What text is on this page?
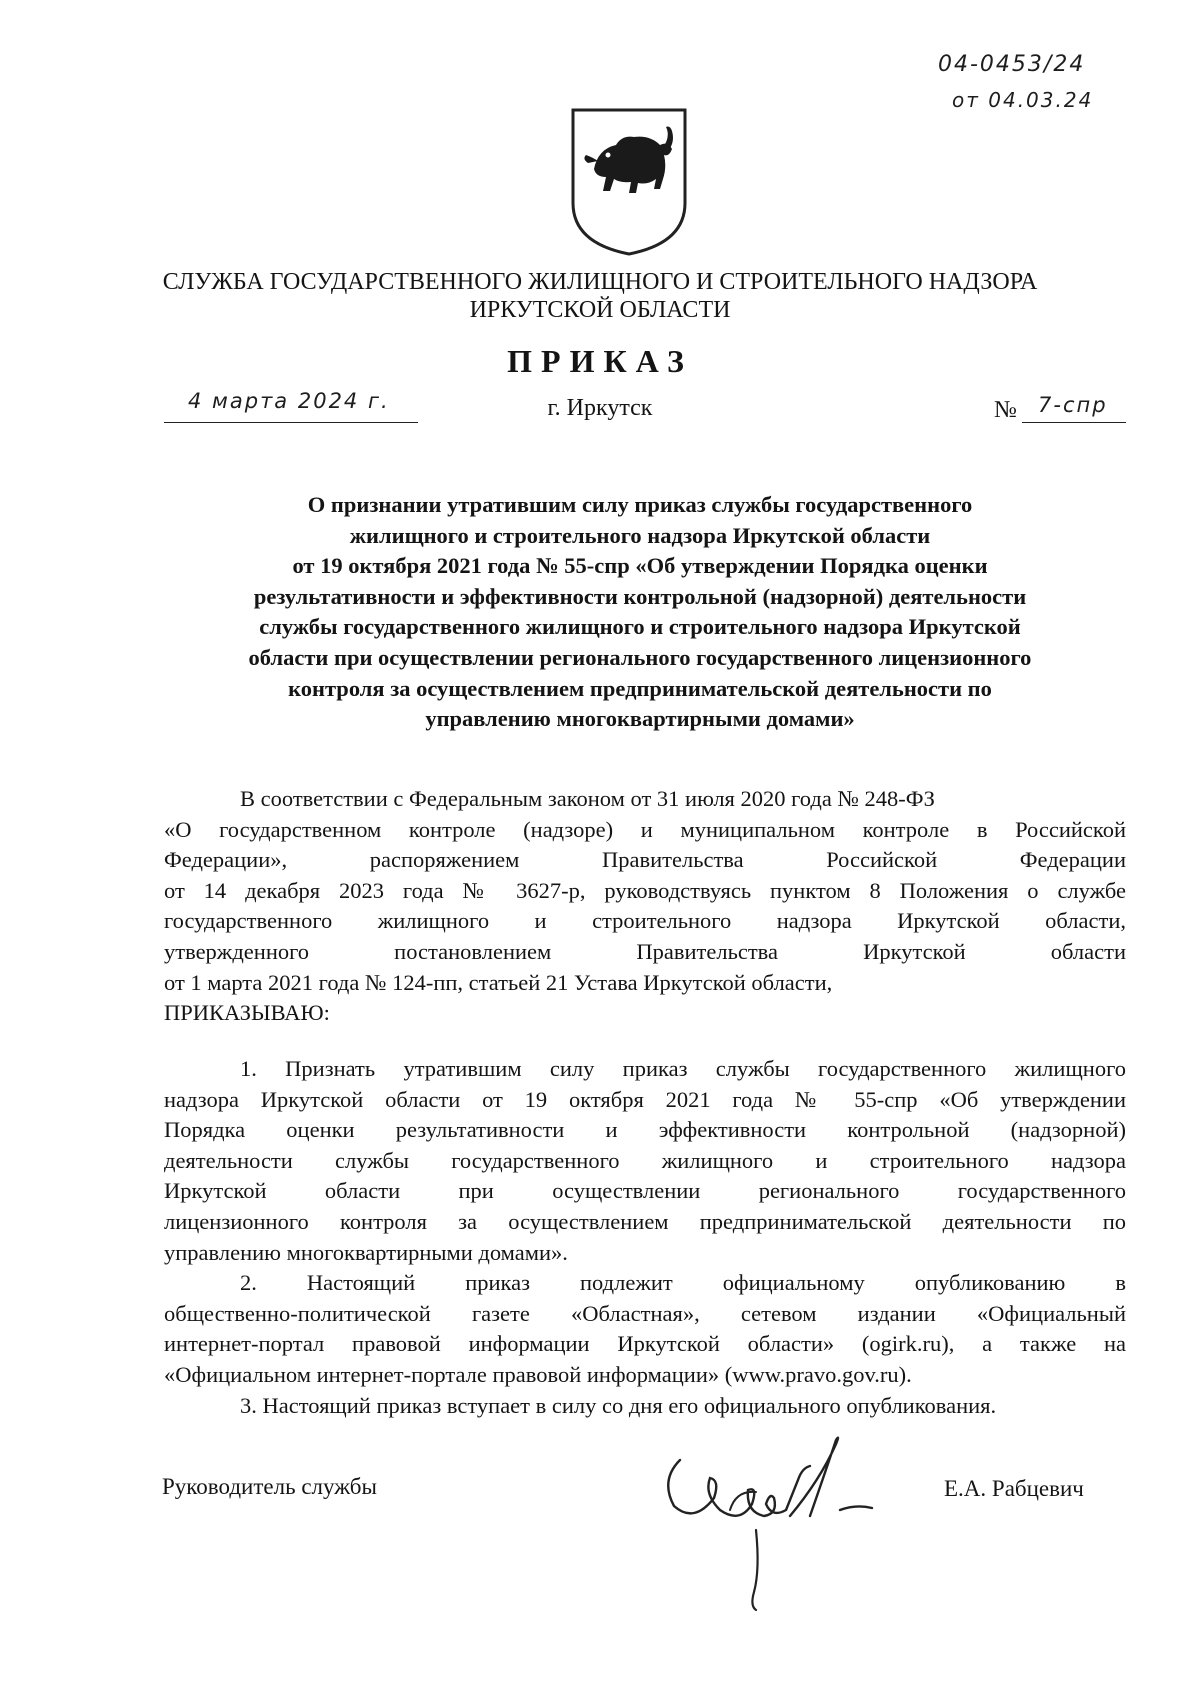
04-0453/24
от 04.03.24
СЛУЖБА ГОСУДАРСТВЕННОГО ЖИЛИЩНОГО И СТРОИТЕЛЬНОГО НАДЗОРА
ИРКУТСКОЙ ОБЛАСТИ
ПРИКАЗ
4 марта 2024 г.	г. Иркутск	№ 7-спр
О признании утратившим силу приказ службы государственного
жилищного и строительного надзора Иркутской области
от 19 октября 2021 года № 55-спр «Об утверждении Порядка оценки
результативности и эффективности контрольной (надзорной) деятельности
службы государственного жилищного и строительного надзора Иркутской
области при осуществлении регионального государственного лицензионного
контроля за осуществлением предпринимательской деятельности по
управлению многоквартирными домами»
В соответствии с Федеральным законом от 31 июля 2020 года № 248-ФЗ
«О государственном контроле (надзоре) и муниципальном контроле в Российской
Федерации», распоряжением Правительства Российской Федерации
от 14 декабря 2023 года № 3627-р, руководствуясь пунктом 8 Положения о службе
государственного жилищного и строительного надзора Иркутской области,
утвержденного постановлением Правительства Иркутской области
от 1 марта 2021 года № 124-пп, статьей 21 Устава Иркутской области,
ПРИКАЗЫВАЮ:
1. Признать утратившим силу приказ службы государственного жилищного
надзора Иркутской области от 19 октября 2021 года № 55-спр «Об утверждении
Порядка оценки результативности и эффективности контрольной (надзорной)
деятельности службы государственного жилищного и строительного надзора
Иркутской области при осуществлении регионального государственного
лицензионного контроля за осуществлением предпринимательской деятельности по
управлению многоквартирными домами».
2. Настоящий приказ подлежит официальному опубликованию в
общественно-политической газете «Областная», сетевом издании «Официальный
интернет-портал правовой информации Иркутской области» (ogirk.ru), а также на
«Официальном интернет-портале правовой информации» (www.pravo.gov.ru).
3. Настоящий приказ вступает в силу со дня его официального опубликования.
Руководитель службы	Е.А. Рабцевич
